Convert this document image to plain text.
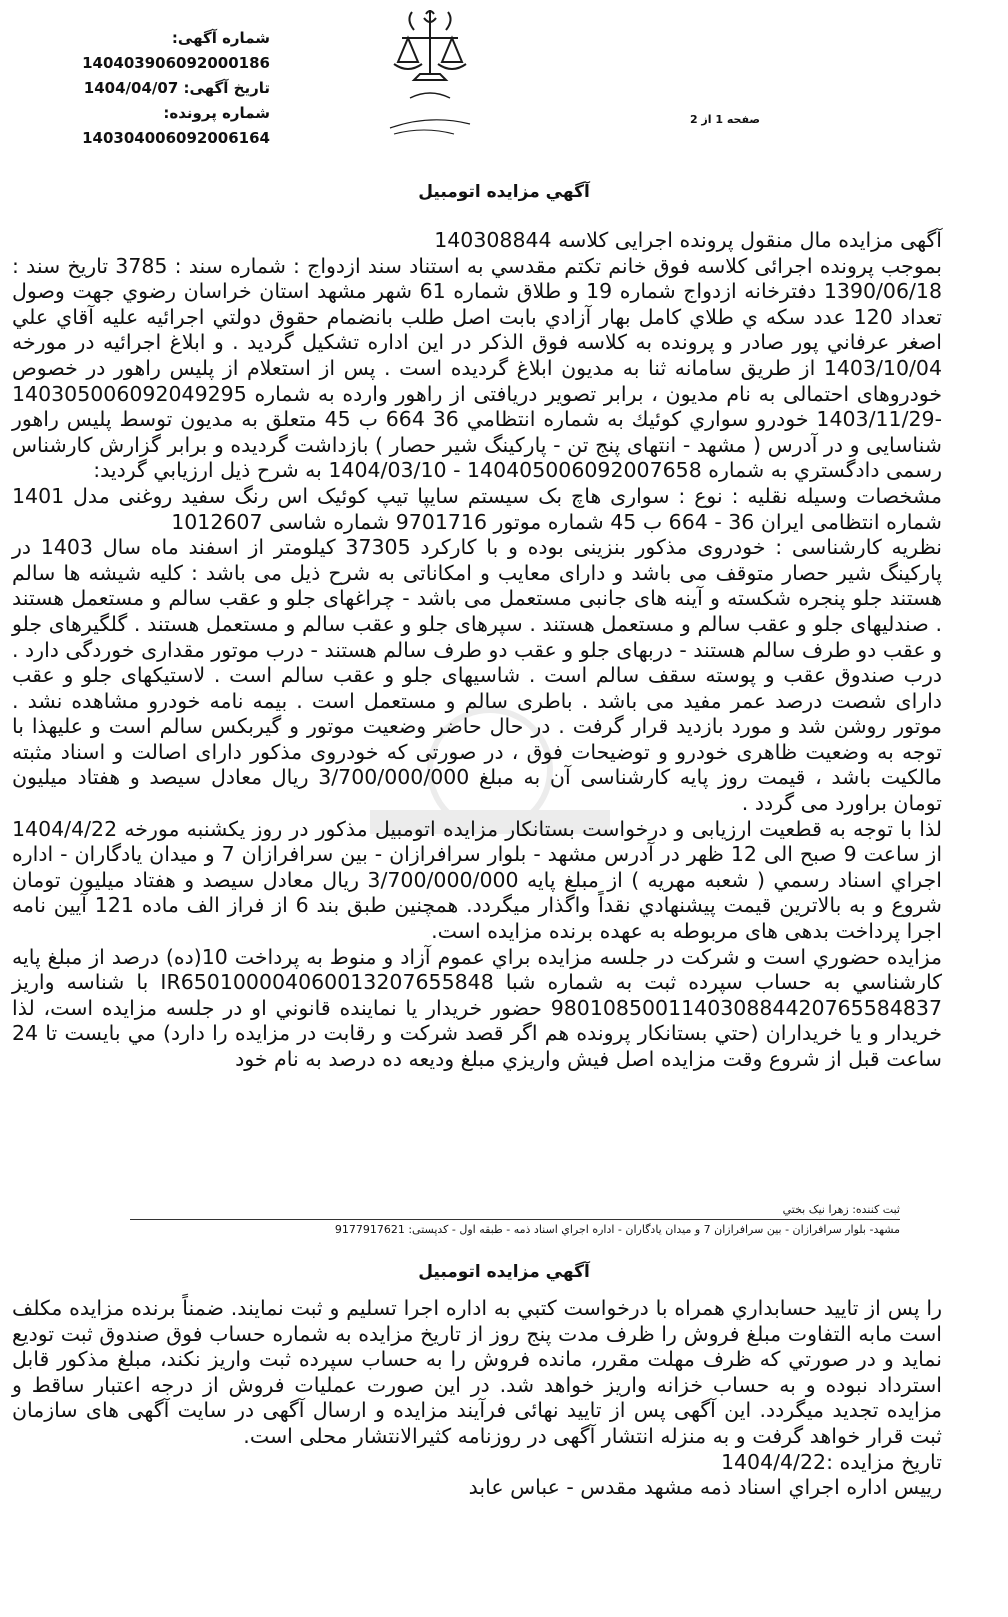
شماره آگهی: 140403906092000186
تاریخ آگهی: 1404/04/07
شماره پرونده: 140304006092006164
صفحه 1 از 2
آگهي مزايده اتومبيل

آگهی مزایده مال منقول پرونده اجرایی کلاسه 140308844

بموجب پرونده اجرائی کلاسه فوق خانم تکتم مقدسي به استناد سند ازدواج : شماره سند : 3785 تاريخ سند : 1390/06/18 دفترخانه ازدواج شماره 19 و طلاق شماره 61 شهر مشهد استان خراسان رضوي جهت وصول تعداد 120 عدد سكه ي طلاي كامل بهار آزادي بابت اصل طلب بانضمام حقوق دولتي اجرائيه عليه آقاي علي اصغر عرفاني پور صادر و پرونده به کلاسه فوق الذکر در این اداره تشکیل گردید . و ابلاغ اجرائیه در مورخه 1403/10/04 از طریق سامانه ثنا به مدیون ابلاغ گردیده است . پس از استعلام از پلیس راهور در خصوص خودروهای احتمالی به نام مدیون ، برابر تصویر دریافتی از راهور وارده به شماره 140305006092049295 -1403/11/29 خودرو سواري كوئيك به شماره انتظامي 36 664 ب 45 متعلق به مدیون توسط پلیس راهور شناسایی و در آدرس ( مشهد - انتهای پنج تن - پارکینگ شیر حصار ) بازداشت گردیده و برابر گزارش کارشناس رسمی دادگستري به شماره 140405006092007658 - 1404/03/10 به شرح ذيل ارزيابي گرديد:

مشخصات وسیله نقلیه : نوع : سواری هاچ بک سیستم سایپا تیپ کوئیک اس رنگ سفید روغنی مدل 1401 شماره انتظامی ایران 36 - 664 ب 45 شماره موتور 9701716 شماره شاسی 1012607

نظریه کارشناسی : خودروی مذکور بنزینی بوده و با کارکرد 37305 کیلومتر از اسفند ماه سال 1403 در پارکینگ شیر حصار متوقف می باشد و دارای معایب و امکاناتی به شرح ذیل می باشد : کلیه شیشه ها سالم هستند جلو پنجره شکسته و آینه های جانبی مستعمل می باشد - چراغهای جلو و عقب سالم و مستعمل هستند . صندلیهای جلو و عقب سالم و مستعمل هستند . سپرهای جلو و عقب سالم و مستعمل هستند . گلگیرهای جلو و عقب دو طرف سالم هستند - دربهای جلو و عقب دو طرف سالم هستند - درب موتور مقداری خوردگی دارد . درب صندوق عقب و پوسته سقف سالم است . شاسیهای جلو و عقب سالم است . لاستیکهای جلو و عقب دارای شصت درصد عمر مفید می باشد . باطری سالم و مستعمل است . بیمه نامه خودرو مشاهده نشد . موتور روشن شد و مورد بازدید قرار گرفت . در حال حاضر وضعیت موتور و گیربکس سالم است و علیهذا با توجه به وضعیت ظاهری خودرو و توضیحات فوق ، در صورتی که خودروی مذکور دارای اصالت و اسناد مثبته مالکیت باشد ، قیمت روز پایه کارشناسی آن به مبلغ 3/700/000/000 ریال معادل سیصد و هفتاد میلیون تومان براورد می گردد .

لذا با توجه به قطعیت ارزیابی و درخواست بستانکار مزایده اتومبیل مذکور در روز یکشنبه مورخه 1404/4/22 از ساعت 9 صبح الی 12 ظهر در آدرس مشهد - بلوار سرافرازان - بین سرافرازان 7 و میدان یادگاران - اداره اجراي اسناد رسمي ( شعبه مهریه ) از مبلغ پايه 3/700/000/000 ريال معادل سیصد و هفتاد میلیون تومان شروع و به بالاترين قيمت پيشنهادي نقداً واگذار ميگردد. همچنین طبق بند 6 از فراز الف ماده 121 آیین نامه اجرا پرداخت بدهی های مربوطه به عهده برنده مزایده است.

مزايده حضوري است و شرکت در جلسه مزايده براي عموم آزاد و منوط به پرداخت 10(ده) درصد از مبلغ پايه کارشناسي به حساب سپرده ثبت به شماره شبا IR650100004060013207655848 با شناسه واريز 980108500114030884420765584837 حضور خريدار يا نماينده قانوني او در جلسه مزايده است، لذا خريدار و يا خريداران (حتي بستانکار پرونده هم اگر قصد شرکت و رقابت در مزايده را دارد) مي بايست تا 24 ساعت قبل از شروع وقت مزايده اصل فيش واريزي مبلغ وديعه ده درصد به نام خود

ثبت کننده: زهرا نیک بختي
مشهد- بلوار سرافرازان - بين سرافرازان 7 و ميدان يادگاران - اداره اجراي اسناد ذمه - طبقه اول - کدپستی: 9177917621
آگهي مزايده اتومبيل

را پس از تاييد حسابداري همراه با درخواست کتبي به اداره اجرا تسليم و ثبت نمايند. ضمناً برنده مزايده مکلف است مابه التفاوت مبلغ فروش را ظرف مدت پنج روز از تاريخ مزايده به شماره حساب فوق صندوق ثبت توديع نمايد و در صورتي که ظرف مهلت مقرر، مانده فروش را به حساب سپرده ثبت واريز نکند، مبلغ مذکور قابل استرداد نبوده و به حساب خزانه واريز خواهد شد. در اين صورت عمليات فروش از درجه اعتبار ساقط و مزايده تجديد ميگردد. اين آگهی پس از تاييد نهائی فرآيند مزايده و ارسال آگهی در سايت آگهی های سازمان ثبت قرار خواهد گرفت و به منزله انتشار آگهی در روزنامه کثيرالانتشار محلی است.

تاريخ مزايده :1404/4/22

رييس اداره اجراي اسناد ذمه مشهد مقدس - عباس عابد
